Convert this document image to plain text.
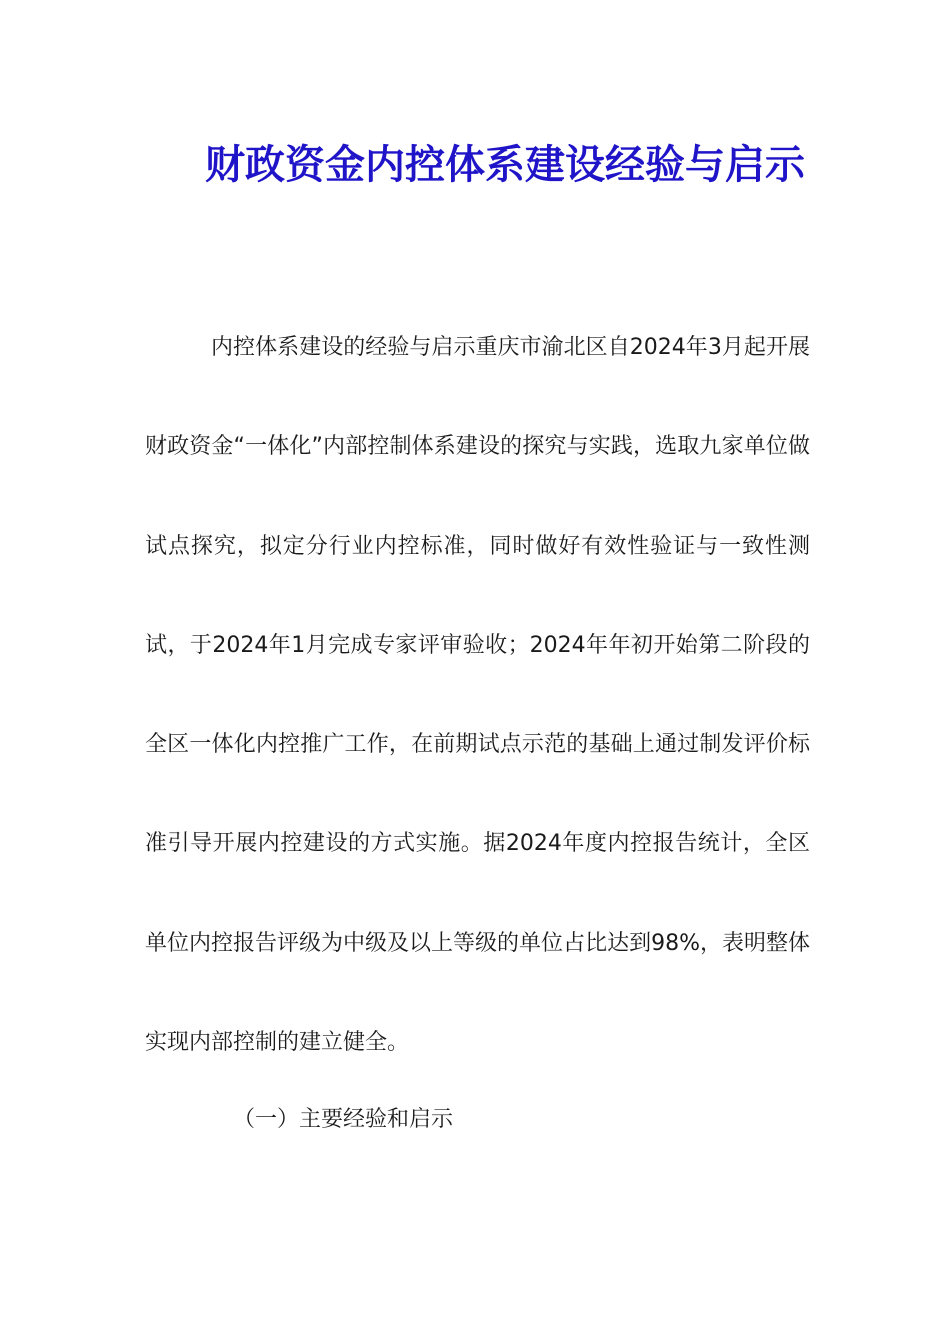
财政资金内控体系建设经验与启示

内控体系建设的经验与启示重庆市渝北区自2024年3月起开展财政资金“一体化”内部控制体系建设的探究与实践，选取九家单位做试点探究，拟定分行业内控标准，同时做好有效性验证与一致性测试，于2024年1月完成专家评审验收；2024年年初开始第二阶段的全区一体化内控推广工作，在前期试点示范的基础上通过制发评价标准引导开展内控建设的方式实施。据2024年度内控报告统计，全区单位内控报告评级为中级及以上等级的单位占比达到98%，表明整体实现内部控制的建立健全。

（一）主要经验和启示
